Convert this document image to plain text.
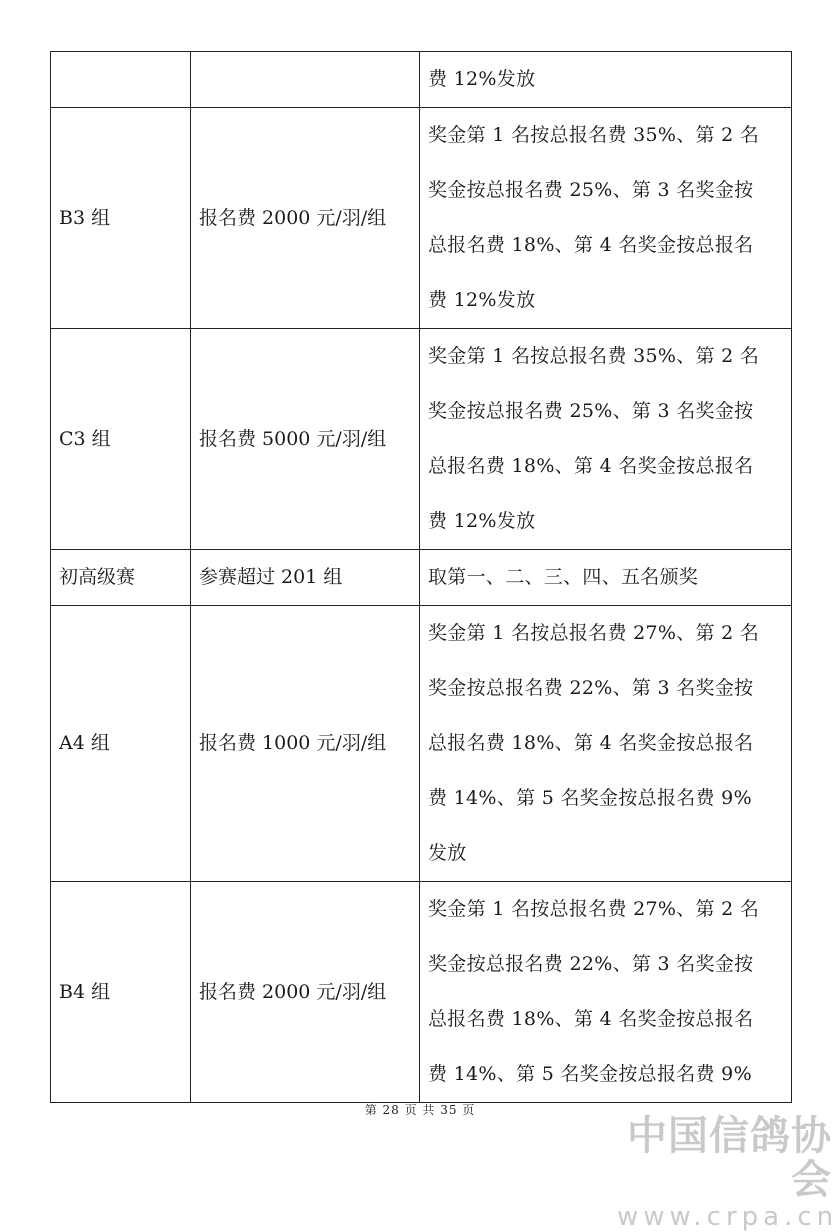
		费 12%发放

B3 组	报名费 2000 元/羽/组	奖金第 1 名按总报名费 35%、第 2 名
奖金按总报名费 25%、第 3 名奖金按
总报名费 18%、第 4 名奖金按总报名
费 12%发放

C3 组	报名费 5000 元/羽/组	奖金第 1 名按总报名费 35%、第 2 名
奖金按总报名费 25%、第 3 名奖金按
总报名费 18%、第 4 名奖金按总报名
费 12%发放

初高级赛	参赛超过 201 组	取第一、二、三、四、五名颁奖

A4 组	报名费 1000 元/羽/组	奖金第 1 名按总报名费 27%、第 2 名
奖金按总报名费 22%、第 3 名奖金按
总报名费 18%、第 4 名奖金按总报名
费 14%、第 5 名奖金按总报名费 9%
发放

B4 组	报名费 2000 元/羽/组	奖金第 1 名按总报名费 27%、第 2 名
奖金按总报名费 22%、第 3 名奖金按
总报名费 18%、第 4 名奖金按总报名
费 14%、第 5 名奖金按总报名费 9%
第 28 页 共 35 页
中国信鸽协会
www.crpa.cn
